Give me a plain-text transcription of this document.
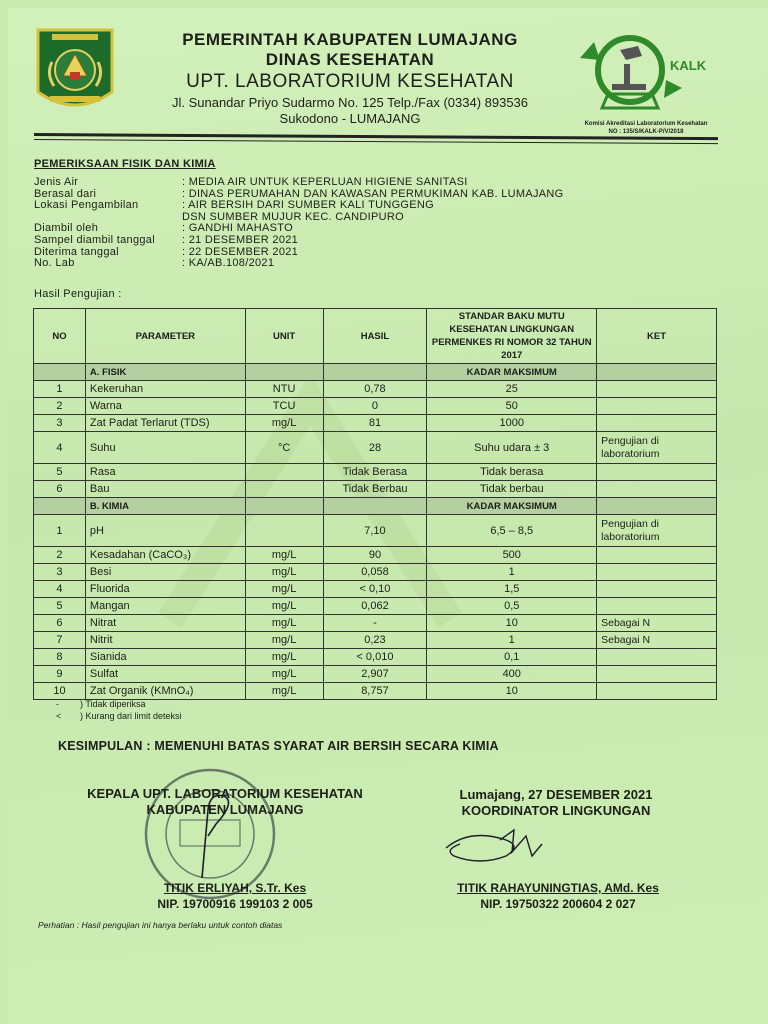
PEMERINTAH KABUPATEN LUMAJANG
DINAS KESEHATAN
UPT. LABORATORIUM KESEHATAN
Jl. Sunandar Priyo Sudarmo No. 125 Telp./Fax (0334) 893536
Sukodono - LUMAJANG
KALK
Komisi Akreditasi Laboratorium Kesehatan
NO : 135/S/KALK-P/V/2018
PEMERIKSAAN FISIK DAN KIMIA
Jenis Air	: MEDIA AIR UNTUK KEPERLUAN HIGIENE SANITASI
Berasal dari	: DINAS PERUMAHAN DAN KAWASAN PERMUKIMAN KAB. LUMAJANG
Lokasi Pengambilan	: AIR BERSIH DARI SUMBER KALI TUNGGENG
DSN SUMBER MUJUR KEC. CANDIPURO
Diambil oleh	: GANDHI MAHASTO
Sampel diambil tanggal	: 21 DESEMBER 2021
Diterima tanggal	: 22 DESEMBER 2021
No. Lab	: KA/AB.108/2021
Hasil Pengujian :
NO	PARAMETER	UNIT	HASIL	STANDAR BAKU MUTU KESEHATAN LINGKUNGAN PERMENKES RI NOMOR 32 TAHUN 2017	KET
	A. FISIK			KADAR MAKSIMUM	
1	Kekeruhan	NTU	0,78	25	
2	Warna	TCU	0	50	
3	Zat Padat Terlarut (TDS)	mg/L	81	1000	
4	Suhu	°C	28	Suhu udara ± 3	Pengujian di laboratorium
5	Rasa		Tidak Berasa	Tidak berasa	
6	Bau		Tidak Berbau	Tidak berbau	
	B. KIMIA			KADAR MAKSIMUM	
1	pH		7,10	6,5 – 8,5	Pengujian di laboratorium
2	Kesadahan (CaCO₃)	mg/L	90	500	
3	Besi	mg/L	0,058	1	
4	Fluorida	mg/L	< 0,10	1,5	
5	Mangan	mg/L	0,062	0,5	
6	Nitrat	mg/L	-	10	Sebagai N
7	Nitrit	mg/L	0,23	1	Sebagai N
8	Sianida	mg/L	< 0,010	0,1	
9	Sulfat	mg/L	2,907	400	
10	Zat Organik (KMnO₄)	mg/L	8,757	10	
- ) Tidak diperiksa
< ) Kurang dari limit deteksi
KESIMPULAN : MEMENUHI BATAS SYARAT AIR BERSIH SECARA KIMIA
KEPALA UPT. LABORATORIUM KESEHATAN
KABUPATEN LUMAJANG
Lumajang, 27 DESEMBER 2021
KOORDINATOR LINGKUNGAN
TITIK ERLIYAH, S.Tr. Kes
NIP. 19700916 199103 2 005
TITIK RAHAYUNINGTIAS, AMd. Kes
NIP. 19750322 200604 2 027
Perhatian : Hasil pengujian ini hanya berlaku untuk contoh diatas
